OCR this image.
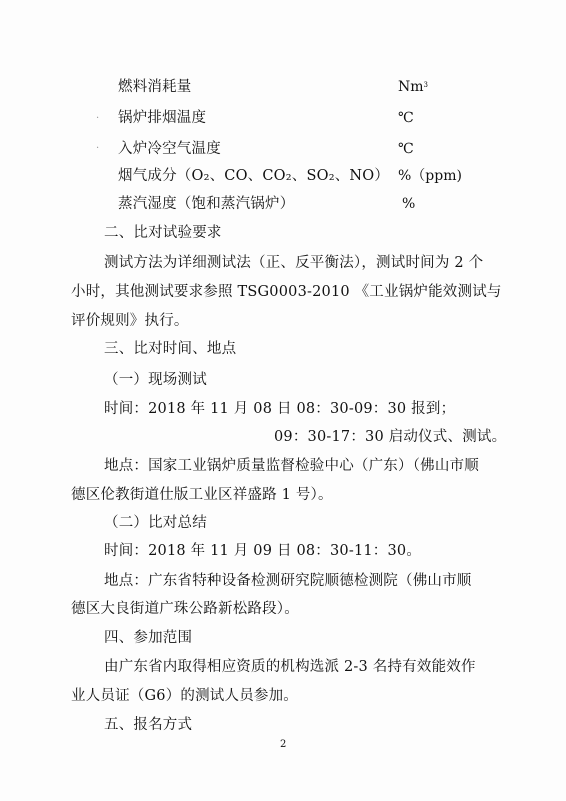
燃料消耗量	$Nm^3$
· 锅炉排烟温度	℃
· 入炉冷空气温度	℃
烟气成分（O₂、CO、CO₂、SO₂、NO） %（ppm)
蒸汽湿度（饱和蒸汽锅炉）	%
二、比对试验要求
测试方法为详细测试法（正、反平衡法），测试时间为 2 个
小时，其他测试要求参照 TSG0003-2010 《工业锅炉能效测试与
评价规则》执行。
三、比对时间、地点
（一）现场测试
时间：2018 年 11 月 08 日 08：30-09：30 报到；
09：30-17：30 启动仪式、测试。
地点：国家工业锅炉质量监督检验中心（广东）（佛山市顺
德区伦教街道仕版工业区祥盛路 1 号）。
（二）比对总结
时间：2018 年 11 月 09 日 08：30-11：30。
地点：广东省特种设备检测研究院顺德检测院（佛山市顺
德区大良街道广珠公路新松路段）。
四、参加范围
由广东省内取得相应资质的机构选派 2-3 名持有效能效作
业人员证（G6）的测试人员参加。
五、报名方式
2
